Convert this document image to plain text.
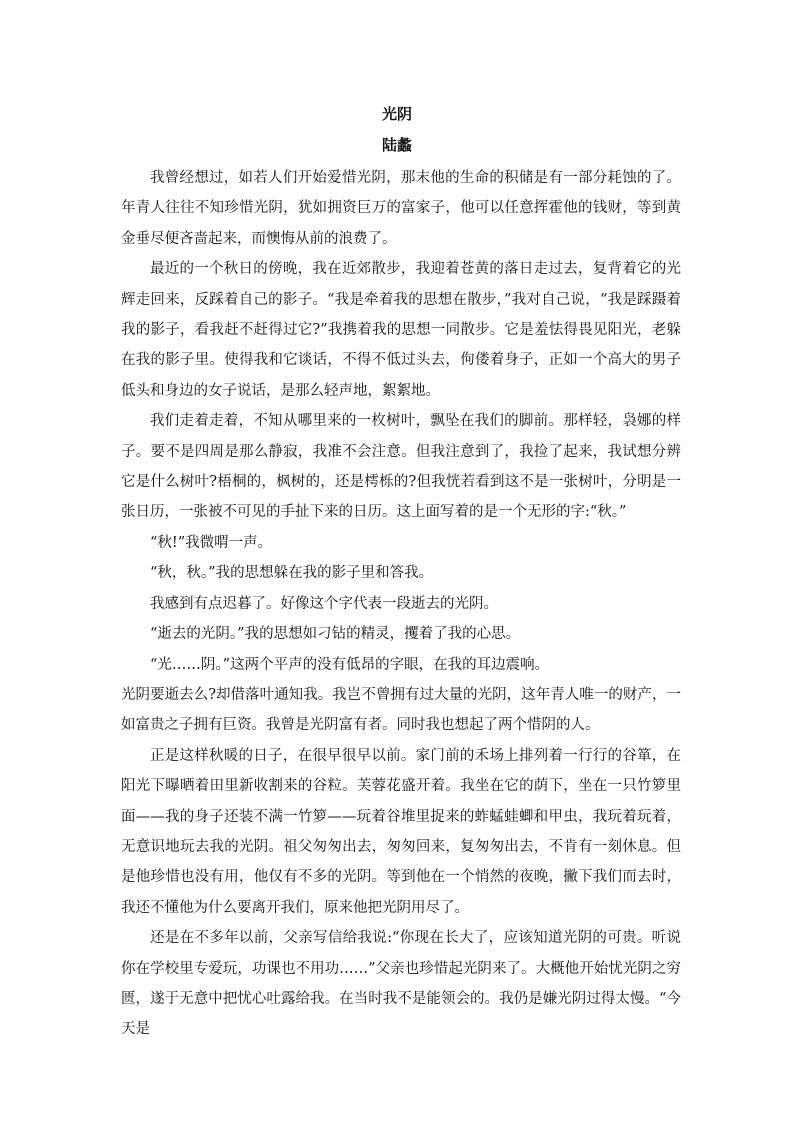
光阴
陆蠡

我曾经想过，如若人们开始爱惜光阴，那末他的生命的积储是有一部分耗蚀的了。年青人往往不知珍惜光阴，犹如拥资巨万的富家子，他可以任意挥霍他的钱财，等到黄金垂尽便吝啬起来，而懊悔从前的浪费了。

最近的一个秋日的傍晚，我在近郊散步，我迎着苍黄的落日走过去，复背着它的光辉走回来，反踩着自己的影子。“我是牵着我的思想在散步，”我对自己说，“我是踩蹑着我的影子，看我赶不赶得过它?”我携着我的思想一同散步。它是羞怯得畏见阳光，老躲在我的影子里。使得我和它谈话，不得不低过头去，佝偻着身子，正如一个高大的男子低头和身边的女子说话，是那么轻声地，絮絮地。

我们走着走着，不知从哪里来的一枚树叶，飘坠在我们的脚前。那样轻，袅娜的样子。要不是四周是那么静寂，我准不会注意。但我注意到了，我捡了起来，我试想分辨它是什么树叶?梧桐的，枫树的，还是樗栎的?但我恍若看到这不是一张树叶，分明是一张日历，一张被不可见的手扯下来的日历。这上面写着的是一个无形的字:“秋。”

“秋!”我微喟一声。

“秋，秋。”我的思想躲在我的影子里和答我。

我感到有点迟暮了。好像这个字代表一段逝去的光阴。

“逝去的光阴。”我的思想如刁钻的精灵，攫着了我的心思。

“光……阴。”这两个平声的没有低昂的字眼，在我的耳边震响。

光阴要逝去么?却借落叶通知我。我岂不曾拥有过大量的光阴，这年青人唯一的财产，一如富贵之子拥有巨资。我曾是光阴富有者。同时我也想起了两个惜阴的人。

正是这样秋暖的日子，在很早很早以前。家门前的禾场上排列着一行行的谷箪，在阳光下曝晒着田里新收割来的谷粒。芙蓉花盛开着。我坐在它的荫下，坐在一只竹箩里面——我的身子还装不满一竹箩——玩着谷堆里捉来的蚱蜢蛙蝍和甲虫，我玩着玩着，无意识地玩去我的光阴。祖父匆匆出去，匆匆回来，复匆匆出去，不肯有一刻休息。但是他珍惜也没有用，他仅有不多的光阴。等到他在一个悄然的夜晚，撇下我们而去时，我还不懂他为什么要离开我们，原来他把光阴用尽了。

还是在不多年以前，父亲写信给我说:“你现在长大了，应该知道光阴的可贵。听说你在学校里专爱玩，功课也不用功……”父亲也珍惜起光阴来了。大概他开始忧光阴之穷匮，遂于无意中把忧心吐露给我。在当时我不是能领会的。我仍是嫌光阴过得太慢。“今天是
